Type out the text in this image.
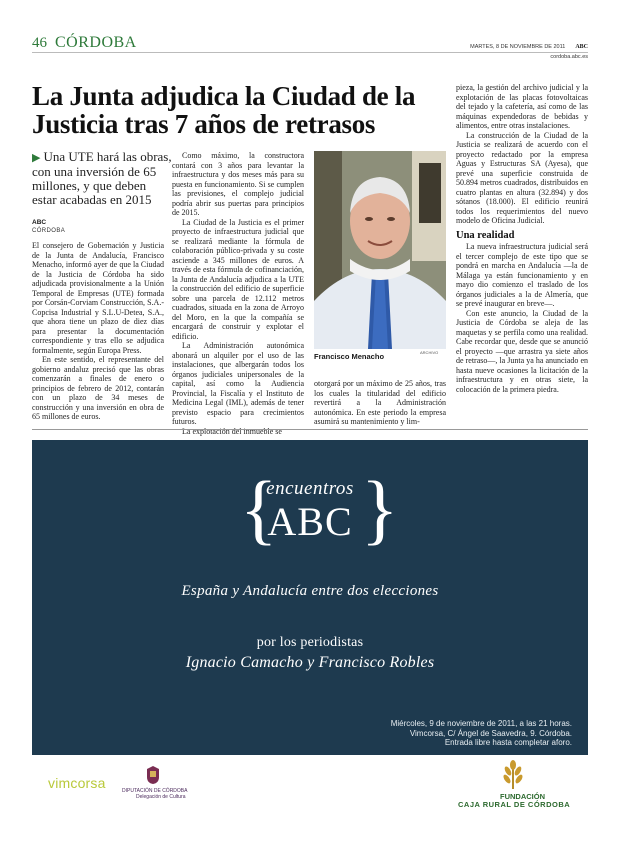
46 CÓRDOBA	MARTES, 8 DE NOVIEMBRE DE 2011 ABC
cordoba.abc.es
La Junta adjudica la Ciudad de la Justicia tras 7 años de retrasos
▶ Una UTE hará las obras, con una inversión de 65 millones, y que deben estar acabadas en 2015
ABC
CÓRDOBA

El consejero de Gobernación y Justicia de la Junta de Andalucía, Francisco Menacho, informó ayer de que la Ciudad de la Justicia de Córdoba ha sido adjudicada provisionalmente a la Unión Temporal de Empresas (UTE) formada por Corsán-Corviam Construcción, S.A.-Copcisa Industrial y S.L.U-Detea, S.A., que ahora tiene un plazo de diez días para presentar la documentación correspondiente y tras ello se adjudica formalmente, según Europa Press.

En este sentido, el representante del gobierno andaluz precisó que las obras comenzarán a finales de enero o principios de febrero de 2012, contarán con un plazo de 34 meses de construcción y una inversión en obra de 65 millones de euros.

Como máximo, la constructora contará con 3 años para levantar la infraestructura y dos meses más para su puesta en funcionamiento. Si se cumplen las previsiones, el complejo judicial podría abrir sus puertas para principios de 2015.

La Ciudad de la Justicia es el primer proyecto de infraestructura judicial que se realizará mediante la fórmula de colaboración público-privada y su coste asciende a 345 millones de euros. A través de esta fórmula de cofinanciación, la Junta de Andalucía adjudica a la UTE la construcción del edificio de superficie sobre una parcela de 12.112 metros cuadrados, situada en la zona de Arroyo del Moro, en la que la compañía se encargará de construir y explotar el edificio.

La Administración autonómica abonará un alquiler por el uso de las instalaciones, que albergarán todos los órganos judiciales unipersonales de la capital, así como la Audiencia Provincial, la Fiscalía y el Instituto de Medicina Legal (IML), además de tener previsto espacio para crecimientos futuros.

La explotación del inmueble se

ARCHIVO
Francisco Menacho

otorgará por un máximo de 25 años, tras los cuales la titularidad del edificio revertirá a la Administración autonómica. En este periodo la empresa asumirá su mantenimiento y lim-

pieza, la gestión del archivo judicial y la explotación de las placas fotovoltaicas del tejado y la cafetería, así como de las máquinas expendedoras de bebidas y alimentos, entre otras instalaciones.

La construcción de la Ciudad de la Justicia se realizará de acuerdo con el proyecto redactado por la empresa Aguas y Estructuras SA (Ayesa), que prevé una superficie construida de 50.894 metros cuadrados, distribuidos en cuatro plantas en altura (32.894) y dos sótanos (18.000). El edificio reunirá todos los requerimientos del nuevo modelo de Oficina Judicial.

Una realidad

La nueva infraestructura judicial será el tercer complejo de este tipo que se pondrá en marcha en Andalucía —la de Málaga ya están funcionamiento y en mayo dio comienzo el traslado de los órganos judiciales a la de Almería, que se prevé inaugurar en breve—.

Con este anuncio, la Ciudad de la Justicia de Córdoba se aleja de las maquetas y se perfila como una realidad. Cabe recordar que, desde que se anunció el proyecto —que arrastra ya siete años de retraso—, la Junta ya ha anunciado en hasta nueve ocasiones la licitación de la infraestructura y en otras siete, la colocación de la primera piedra.

{ }
encuentros
ABC
España y Andalucía entre dos elecciones
por los periodistas
Ignacio Camacho y Francisco Robles
Miércoles, 9 de noviembre de 2011, a las 21 horas.
Vimcorsa, C/ Ángel de Saavedra, 9. Córdoba.
Entrada libre hasta completar aforo.
vimcorsa	DIPUTACIÓN DE CÓRDOBA
Delegación de Cultura	FUNDACIÓN
CAJA RURAL DE CÓRDOBA
